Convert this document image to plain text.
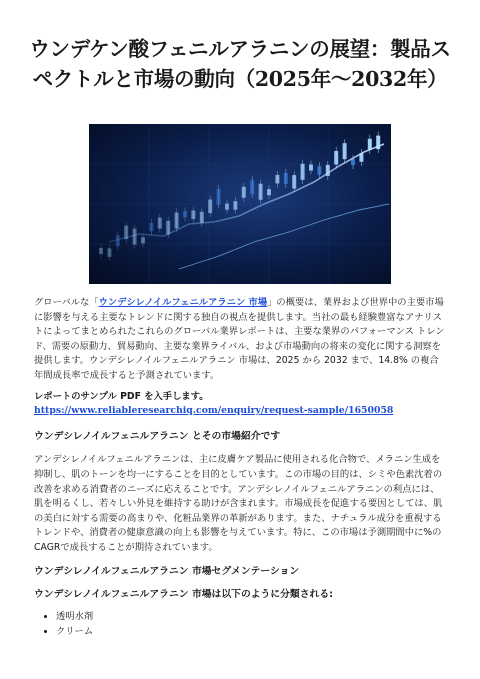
ウンデケン酸フェニルアラニンの展望：製品ス
ペクトルと市場の動向（2025年〜2032年）

グローバルな「ウンデシレノイルフェニルアラニン 市場」の概要は、業界および世界中の主要市場に影響を与える主要なトレンドに関する独自の視点を提供します。当社の最も経験豊富なアナリストによってまとめられたこれらのグローバル業界レポートは、主要な業界のパフォーマンス トレンド、需要の原動力、貿易動向、主要な業界ライバル、および市場動向の将来の変化に関する洞察を提供します。ウンデシレノイルフェニルアラニン 市場は、2025 から 2032 まで、14.8% の複合年間成長率で成長すると予測されています。

レポートのサンプル PDF を入手します。 https://www.reliableresearchiq.com/enquiry/request-sample/1650058

ウンデシレノイルフェニルアラニン とその市場紹介です

アンデシレノイルフェニルアラニンは、主に皮膚ケア製品に使用される化合物で、メラニン生成を抑制し、肌のトーンを均一にすることを目的としています。この市場の目的は、シミや色素沈着の改善を求める消費者のニーズに応えることです。アンデシレノイルフェニルアラニンの利点には、肌を明るくし、若々しい外見を維持する助けが含まれます。市場成長を促進する要因としては、肌の美白に対する需要の高まりや、化粧品業界の革新があります。また、ナチュラル成分を重視するトレンドや、消費者の健康意識の向上も影響を与えています。特に、この市場は予測期間中に%のCAGRで成長することが期待されています。

ウンデシレノイルフェニルアラニン 市場セグメンテーション

ウンデシレノイルフェニルアラニン 市場は以下のように分類される:

• 透明水剤
• クリーム
